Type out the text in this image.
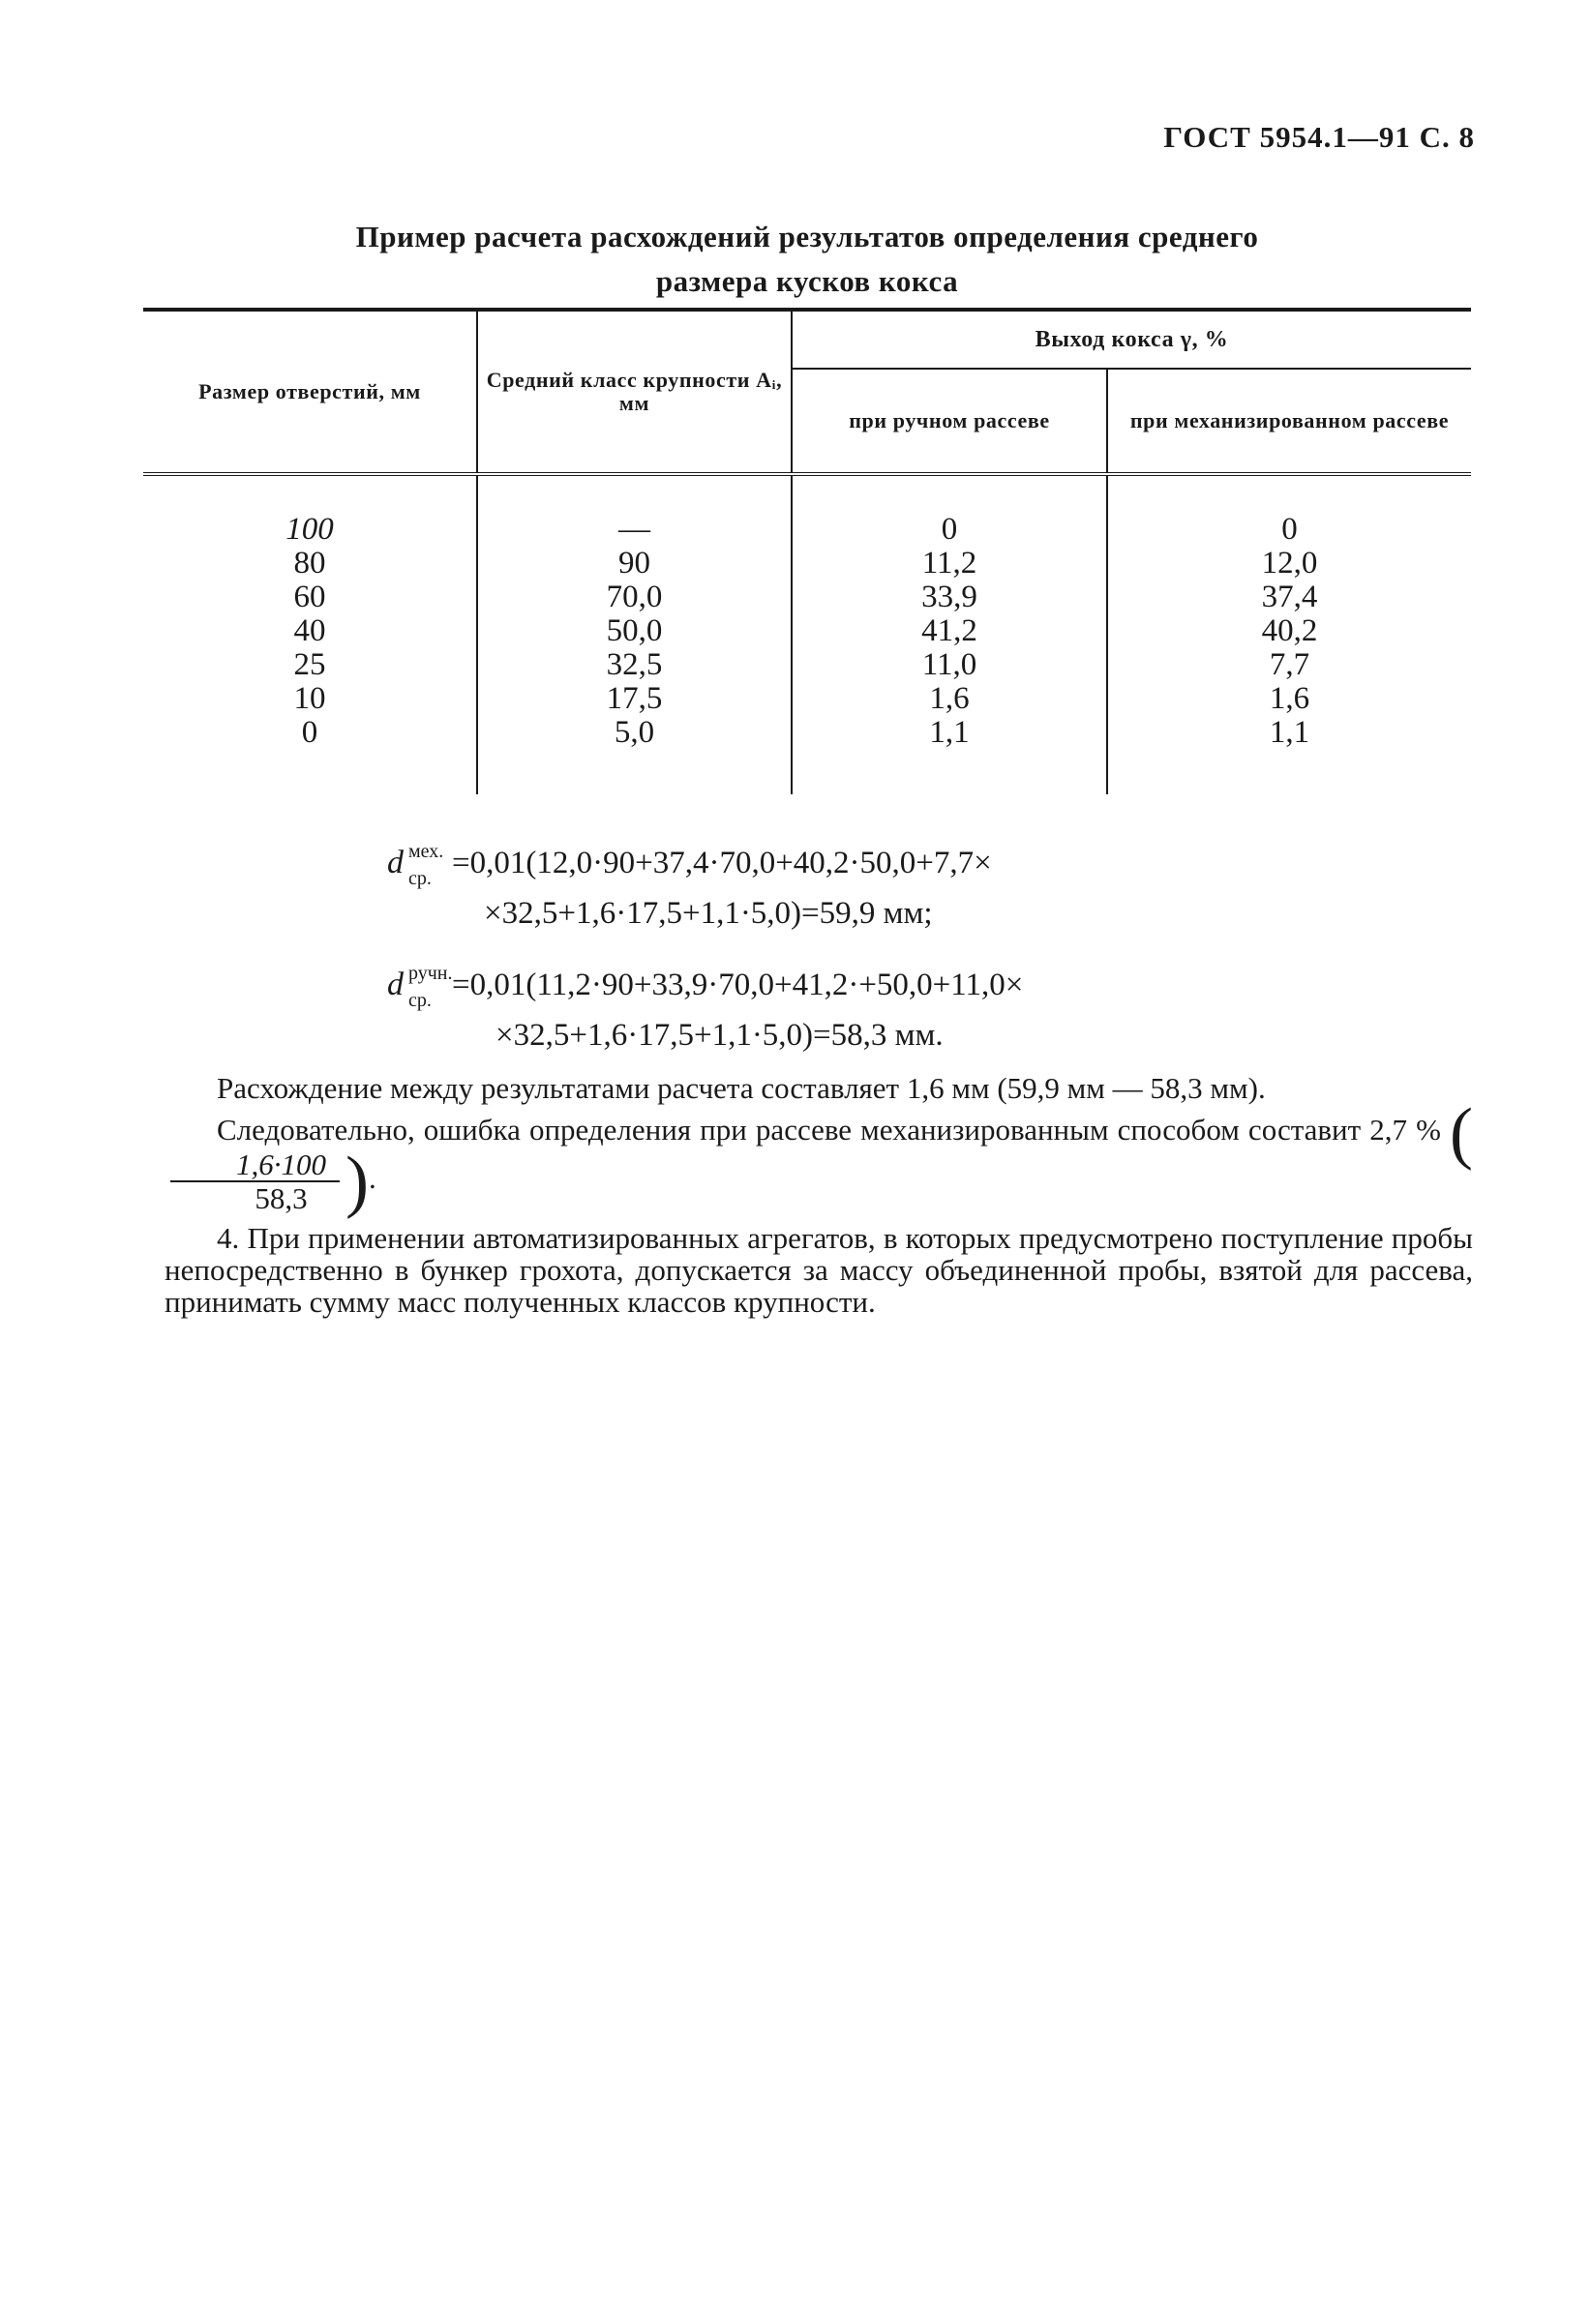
ГОСТ 5954.1—91 С. 8
Пример расчета расхождений результатов определения среднего
размера кусков кокса
Размер отверстий, мм	Средний класс крупности Aᵢ, мм	Выход кокса γ, %	
		при ручном рассеве	при механизированном рассеве
100	—	0	0
80	90	11,2	12,0
60	70,0	33,9	37,4
40	50,0	41,2	40,2
25	32,5	11,0	7,7
10	17,5	1,6	1,6
0	5,0	1,1	1,1
d мех.
ср. =0,01(12,0·90+37,4·70,0+40,2·50,0+7,7×
×32,5+1,6·17,5+1,1·5,0)=59,9 мм;
d ручн.
ср. =0,01(11,2·90+33,9·70,0+41,2·+50,0+11,0×
×32,5+1,6·17,5+1,1·5,0)=58,3 мм.

Расхождение между результатами расчета составляет 1,6 мм (59,9 мм — 58,3 мм).

Следовательно, ошибка определения при рассеве механизированным способом составит 2,7 % (
$\frac{1,6\cdot 100}{58,3}$ ).

4. При применении автоматизированных агрегатов, в которых предусмотрено поступление пробы непосредственно в бункер грохота, допускается за массу объединенной пробы, взятой для рассева, принимать сумму масс полученных классов крупности.
